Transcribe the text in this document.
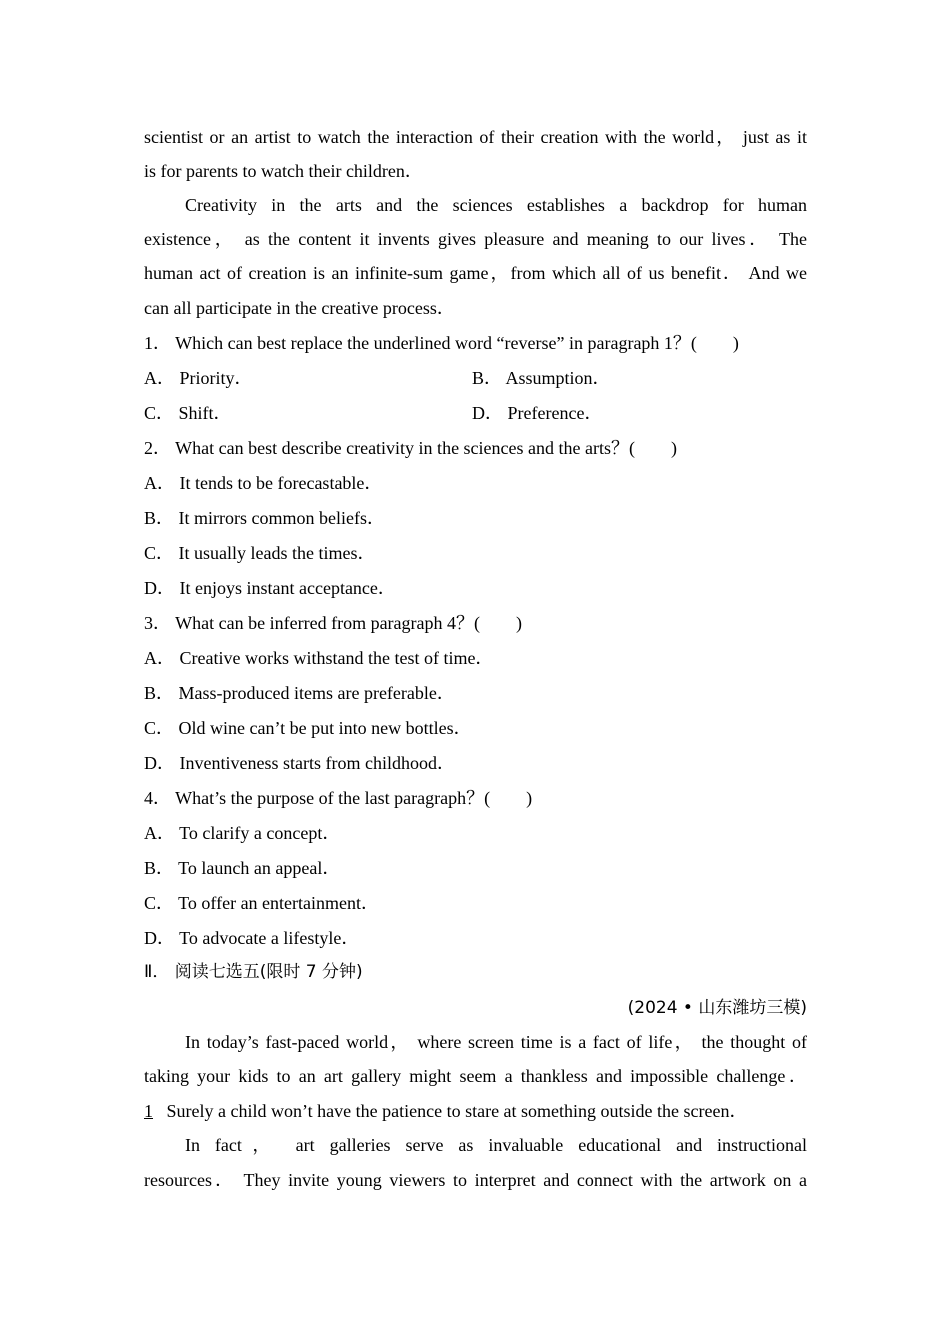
scientist or an artist to watch the interaction of their creation with the world， just as it
is for parents to watch their children．
Creativity in the arts and the sciences establishes a backdrop for human
existence， as the content it invents gives pleasure and meaning to our lives． The
human act of creation is an infinite-sum game，from which all of us benefit． And we
can all participate in the creative process．
1． Which can best replace the underlined word “reverse” in paragraph 1？(　　)
A． Priority．	B． Assumption．
C． Shift．	D． Preference．
2． What can best describe creativity in the sciences and the arts？(　　)
A． It tends to be forecastable．
B． It mirrors common beliefs．
C． It usually leads the times．
D． It enjoys instant acceptance．
3． What can be inferred from paragraph 4？(　　)
A． Creative works withstand the test of time．
B． Mass-produced items are preferable．
C． Old wine can’t be put into new bottles．
D． Inventiveness starts from childhood．
4． What’s the purpose of the last paragraph？(　　)
A． To clarify a concept．
B． To launch an appeal．
C． To offer an entertainment．
D． To advocate a lifestyle．
Ⅱ． 阅读七选五(限时 7 分钟)
(2024 • 山东潍坊三模)
In today’s fast-paced world， where screen time is a fact of life， the thought of
taking your kids to an art gallery might seem a thankless and impossible challenge．
1 Surely a child won’t have the patience to stare at something outside the screen．
In fact， art galleries serve as invaluable educational and instructional
resources． They invite young viewers to interpret and connect with the artwork on a
